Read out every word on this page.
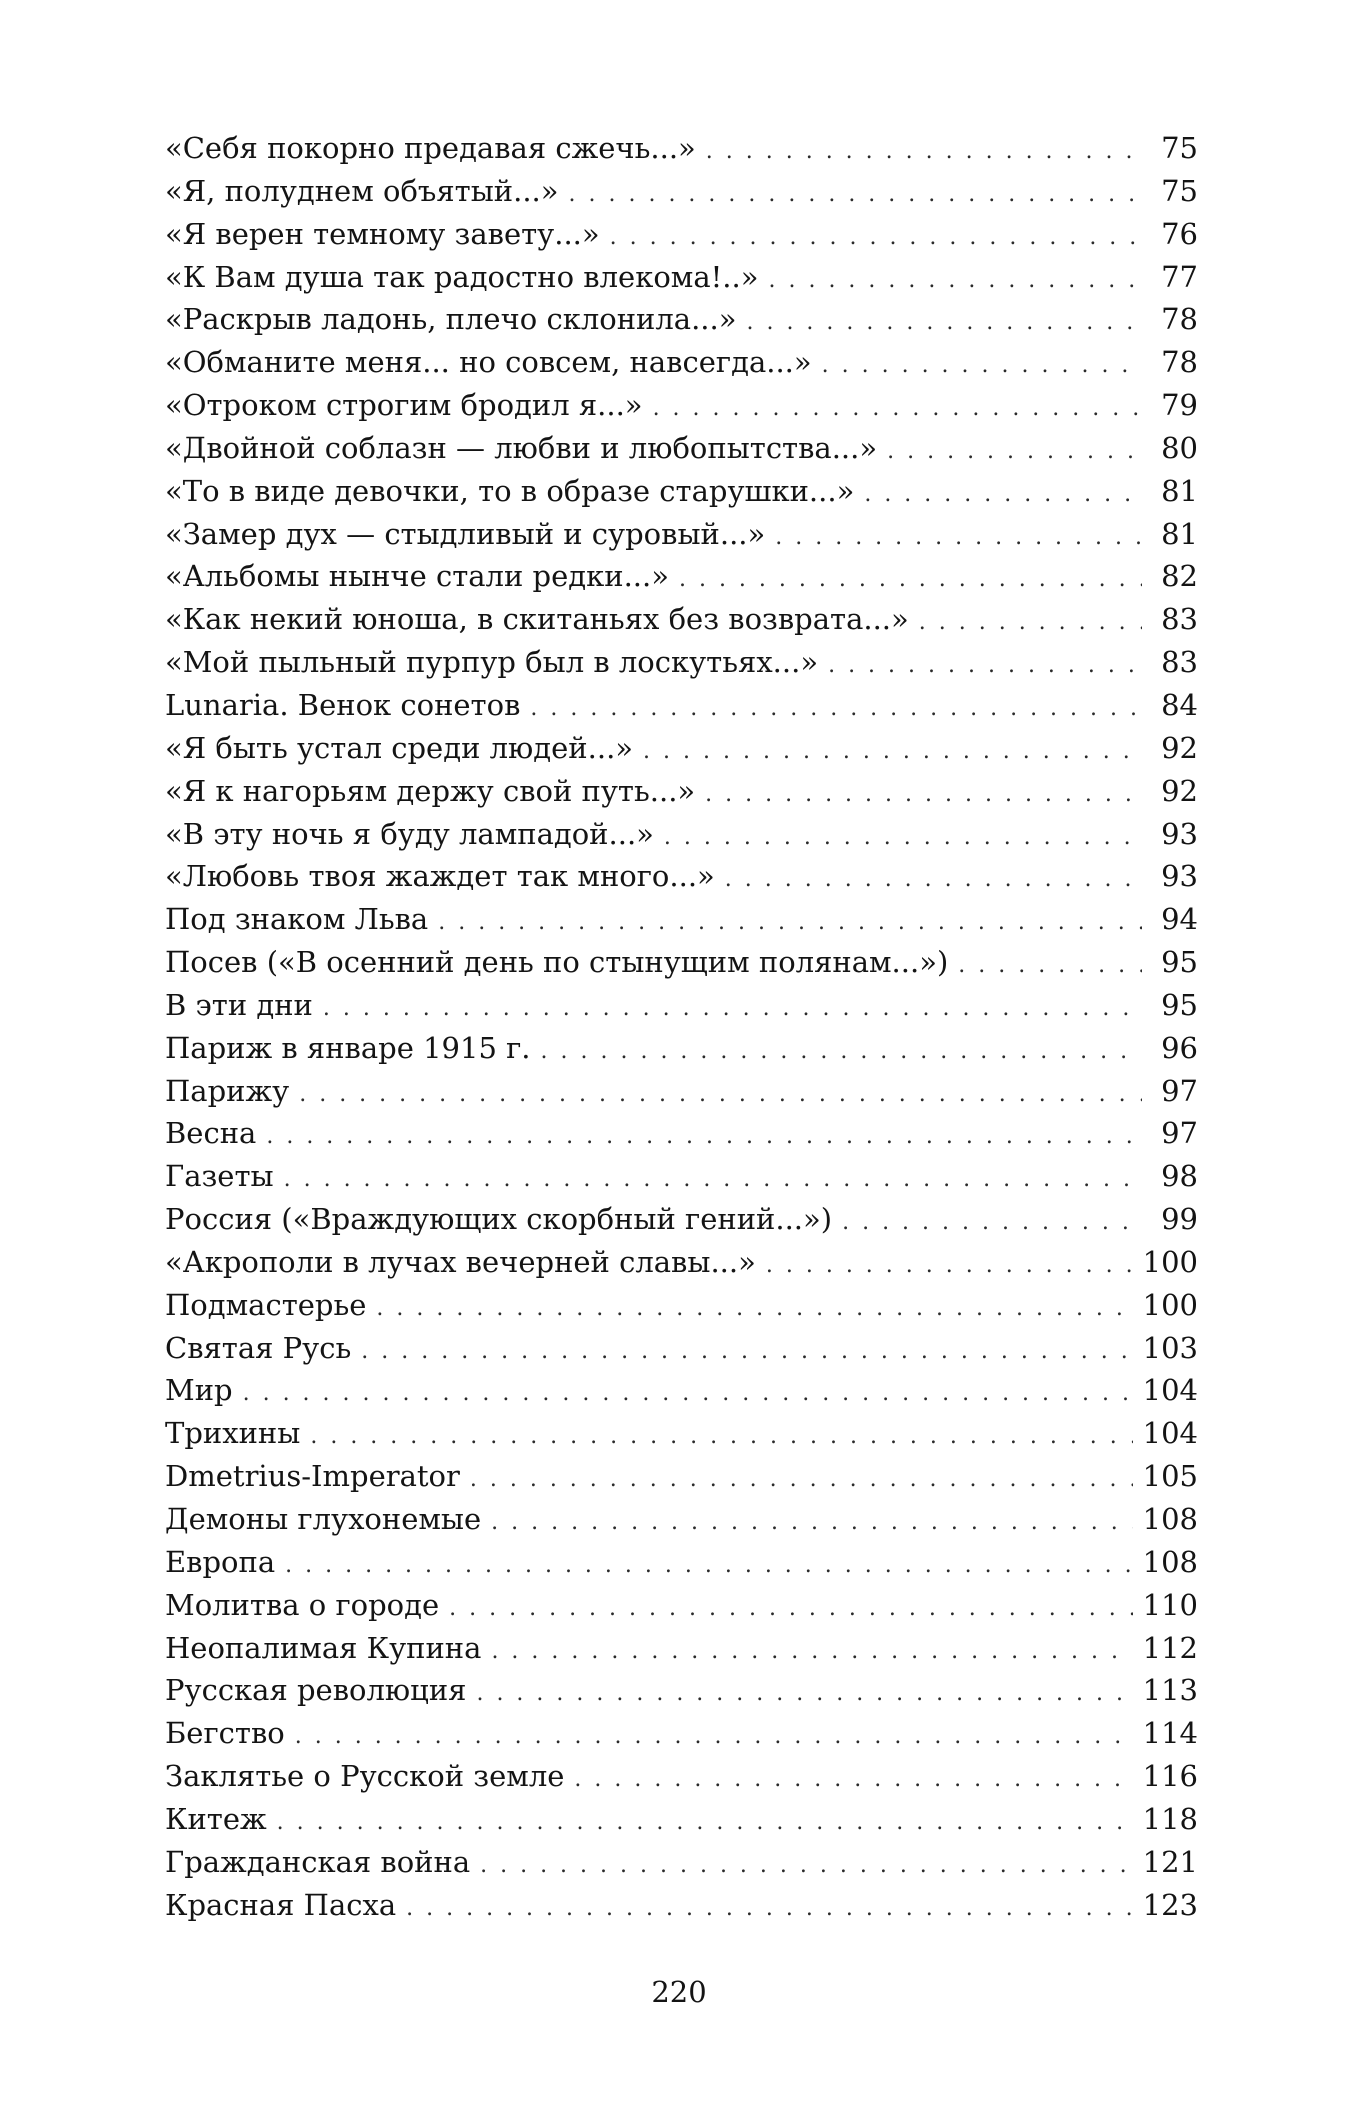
«Себя покорно предавая сжечь...» . . .	75
«Я, полуднем объятый...» . . .	75
«Я верен темному завету...» . . .	76
«К Вам душа так радостно влекома!..» . . .	77
«Раскрыв ладонь, плечо склонила...» . . .	78
«Обманите меня... но совсем, навсегда...» . . .	78
«Отроком строгим бродил я...» . . .	79
«Двойной соблазн — любви и любопытства...» . . .	80
«То в виде девочки, то в образе старушки...» . . .	81
«Замер дух — стыдливый и суровый...» . . .	81
«Альбомы нынче стали редки...» . . .	82
«Как некий юноша, в скитаньях без возврата...» . . .	83
«Мой пыльный пурпур был в лоскутьях...» . . .	83
Lunaria. Венок сонетов . . .	84
«Я быть устал среди людей...» . . .	92
«Я к нагорьям держу свой путь...» . . .	92
«В эту ночь я буду лампадой...» . . .	93
«Любовь твоя жаждет так много...» . . .	93
Под знаком Льва . . .	94
Посев («В осенний день по стынущим полянам...») . . .	95
В эти дни . . .	95
Париж в январе 1915 г. . . .	96
Парижу . . .	97
Весна . . .	97
Газеты . . .	98
Россия («Враждующих скорбный гений...») . . .	99
«Акрополи в лучах вечерней славы...» . . .	100
Подмастерье . . .	100
Святая Русь . . .	103
Мир . . .	104
Трихины . . .	104
Dmetrius-Imperator . . .	105
Демоны глухонемые . . .	108
Европа . . .	108
Молитва о городе . . .	110
Неопалимая Купина . . .	112
Русская революция . . .	113
Бегство . . .	114
Заклятье о Русской земле . . .	116
Китеж . . .	118
Гражданская война . . .	121
Красная Пасха . . .	123
220
